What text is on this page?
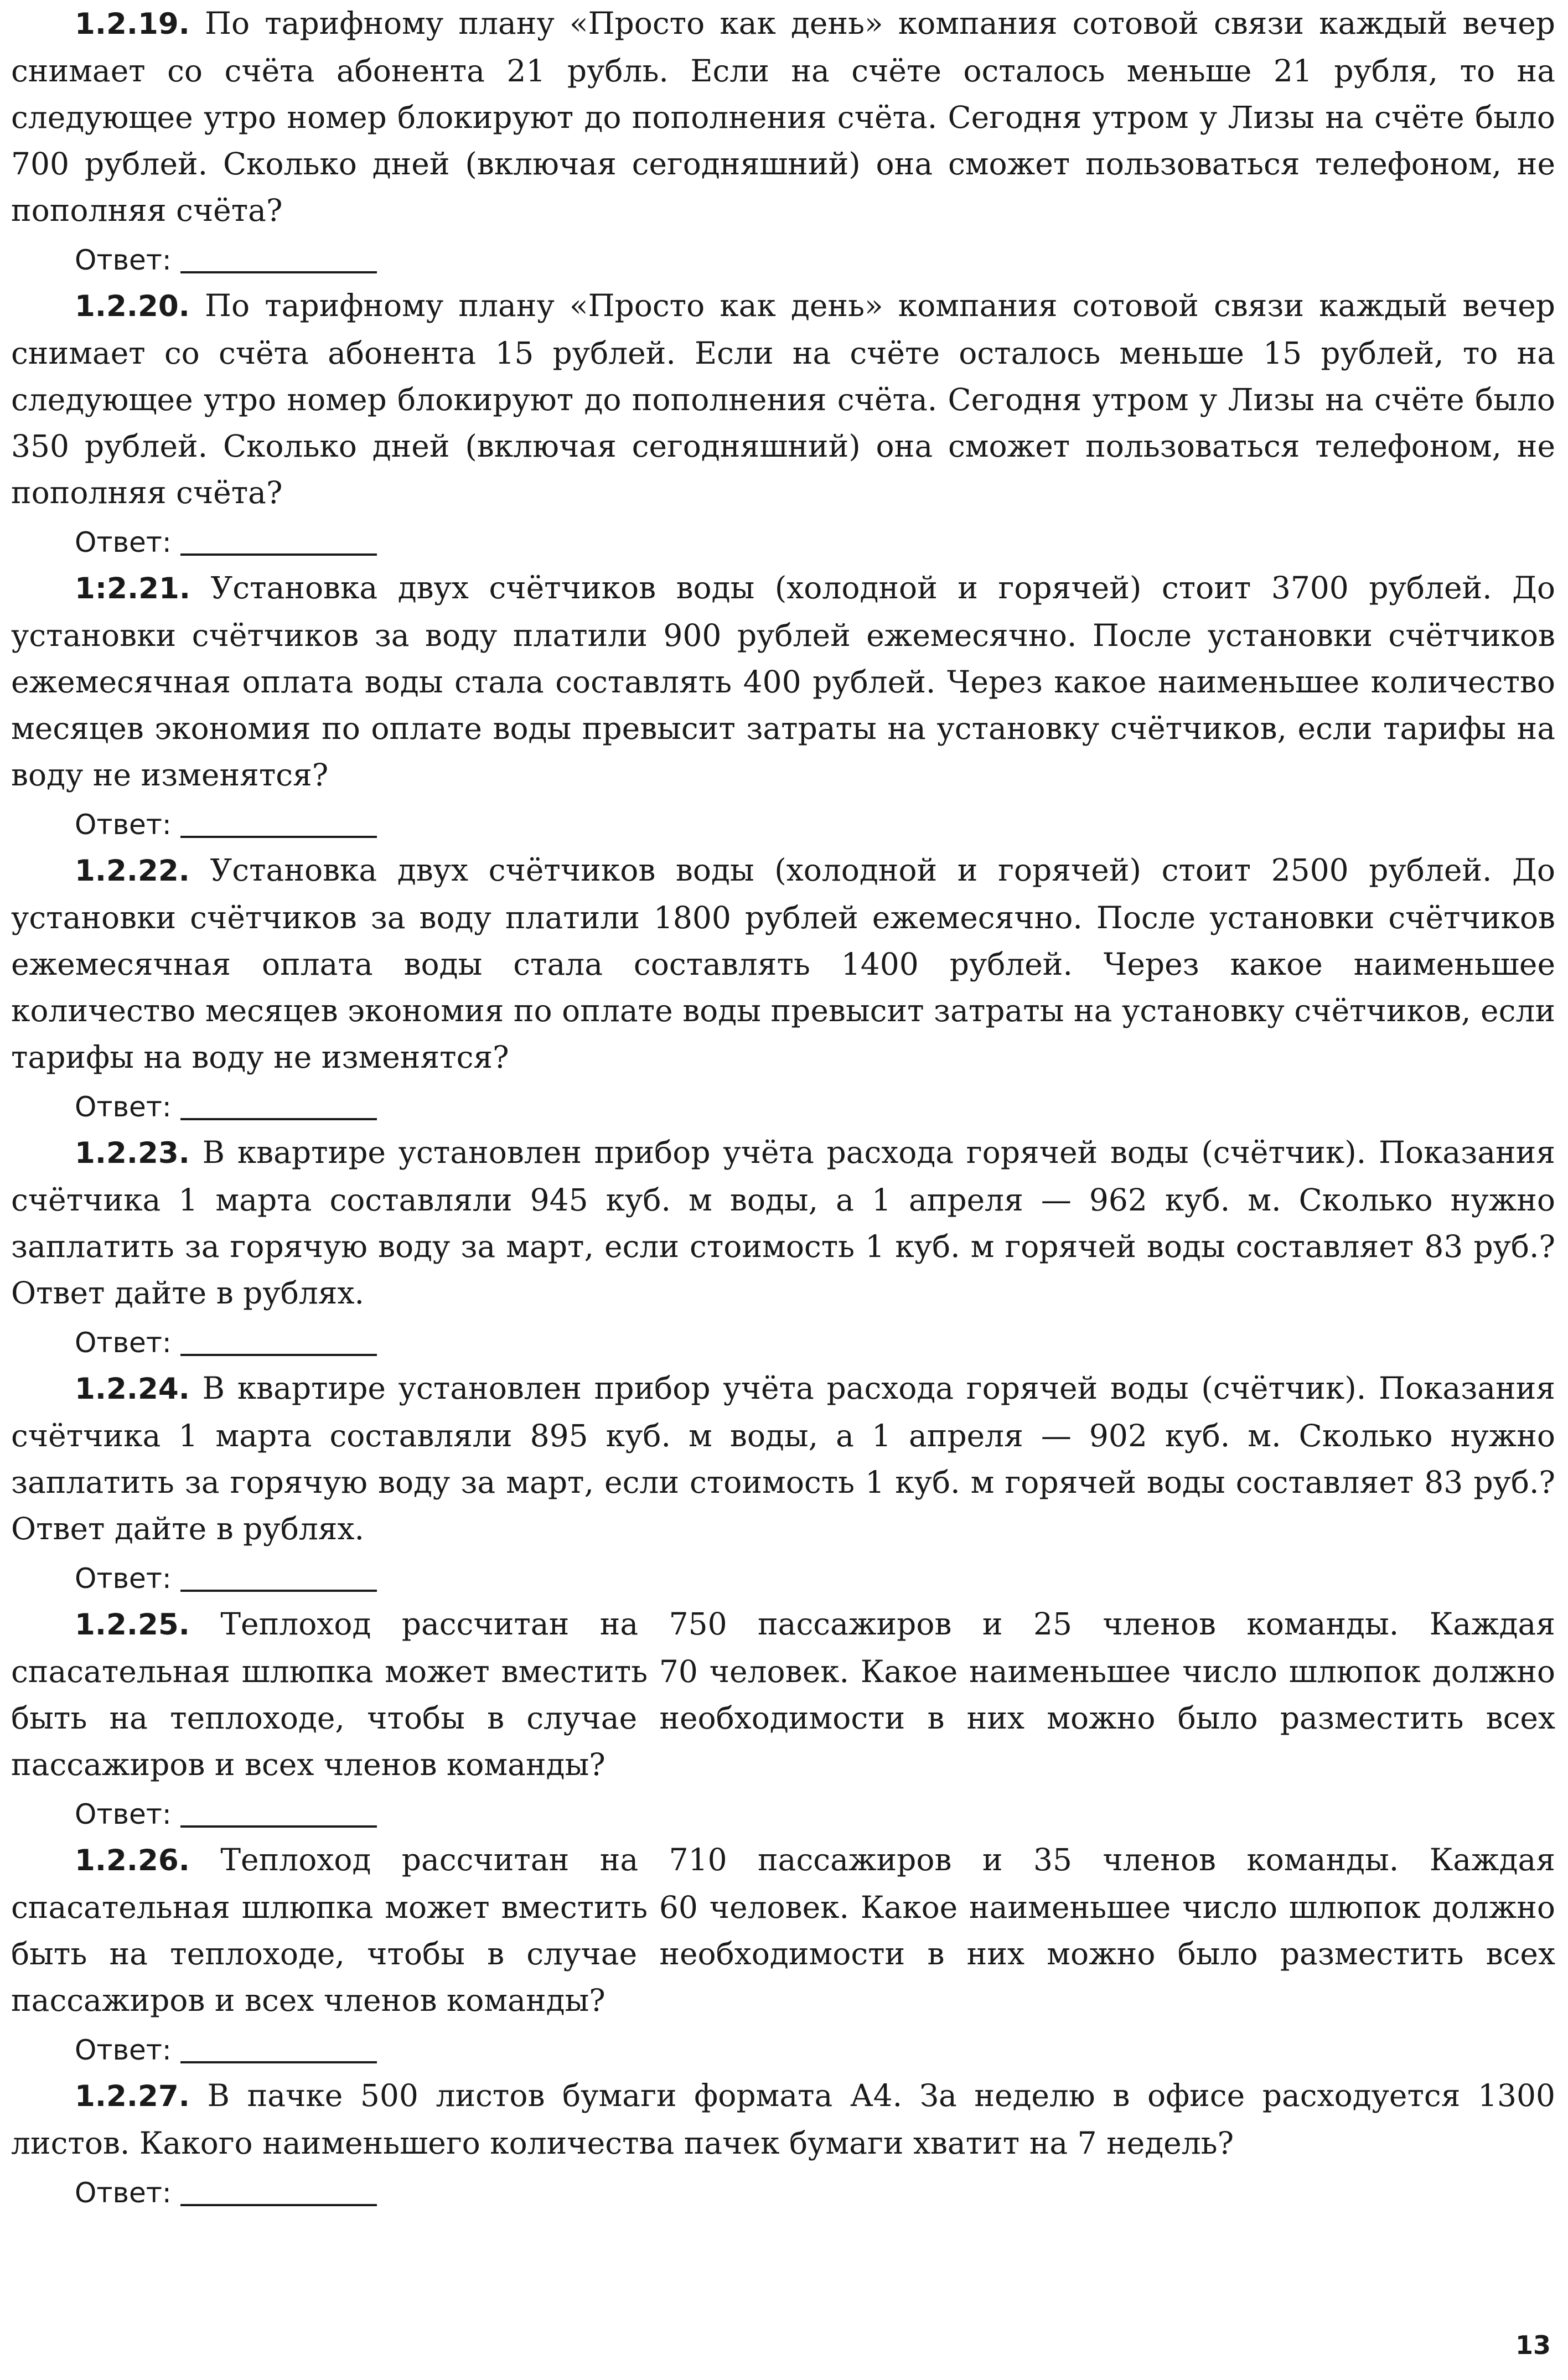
1.2.19. По тарифному плану «Просто как день» компания сотовой связи каждый вечер снимает со счёта абонента 21 рубль. Если на счёте осталось меньше 21 рубля, то на следующее утро номер блокируют до пополнения счёта. Сегодня утром у Лизы на счёте было 700 рублей. Сколько дней (включая сегодняшний) она сможет пользоваться телефоном, не пополняя счёта?

Ответ:

1.2.20. По тарифному плану «Просто как день» компания сотовой связи каждый вечер снимает со счёта абонента 15 рублей. Если на счёте осталось меньше 15 рублей, то на следующее утро номер блокируют до пополнения счёта. Сегодня утром у Лизы на счёте было 350 рублей. Сколько дней (включая сегодняшний) она сможет пользоваться телефоном, не пополняя счёта?

Ответ:

1:2.21. Установка двух счётчиков воды (холодной и горячей) стоит 3700 рублей. До установки счётчиков за воду платили 900 рублей ежемесячно. После установки счётчиков ежемесячная оплата воды стала составлять 400 рублей. Через какое наименьшее количество месяцев экономия по оплате воды превысит затраты на установку счётчиков, если тарифы на воду не изменятся?

Ответ:

1.2.22. Установка двух счётчиков воды (холодной и горячей) стоит 2500 рублей. До установки счётчиков за воду платили 1800 рублей ежемесячно. После установки счётчиков ежемесячная оплата воды стала составлять 1400 рублей. Через какое наименьшее количество месяцев экономия по оплате воды превысит затраты на установку счётчиков, если тарифы на воду не изменятся?

Ответ:

1.2.23. В квартире установлен прибор учёта расхода горячей воды (счётчик). Показания счётчика 1 марта составляли 945 куб. м воды, а 1 апреля — 962 куб. м. Сколько нужно заплатить за горячую воду за март, если стоимость 1 куб. м горячей воды составляет 83 руб.? Ответ дайте в рублях.

Ответ:

1.2.24. В квартире установлен прибор учёта расхода горячей воды (счётчик). Показания счётчика 1 марта составляли 895 куб. м воды, а 1 апреля — 902 куб. м. Сколько нужно заплатить за горячую воду за март, если стоимость 1 куб. м горячей воды составляет 83 руб.? Ответ дайте в рублях.

Ответ:

1.2.25. Теплоход рассчитан на 750 пассажиров и 25 членов команды. Каждая спасательная шлюпка может вместить 70 человек. Какое наименьшее число шлюпок должно быть на теплоходе, чтобы в случае необходимости в них можно было разместить всех пассажиров и всех членов команды?

Ответ:

1.2.26. Теплоход рассчитан на 710 пассажиров и 35 членов команды. Каждая спасательная шлюпка может вместить 60 человек. Какое наименьшее число шлюпок должно быть на теплоходе, чтобы в случае необходимости в них можно было разместить всех пассажиров и всех членов команды?

Ответ:

1.2.27. В пачке 500 листов бумаги формата А4. За неделю в офисе расходуется 1300 листов. Какого наименьшего количества пачек бумаги хватит на 7 недель?

Ответ:
13
